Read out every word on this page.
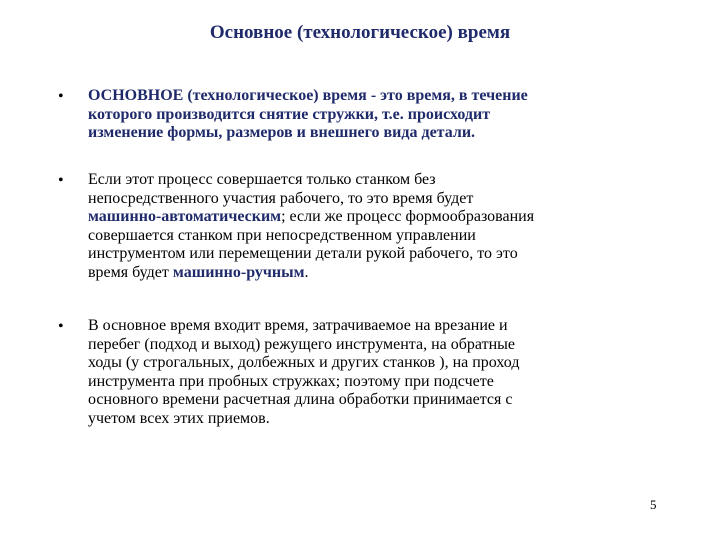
Основное (технологическое) время
• ОСНОВНОЕ (технологическое) время - это время, в течение
которого производится снятие стружки, т.е. происходит
изменение формы, размеров и внешнего вида детали.
• Если этот процесс совершается только станком без
непосредственного участия рабочего, то это время будет
машинно-автоматическим; если же процесс формообразования
совершается станком при непосредственном управлении
инструментом или перемещении детали рукой рабочего, то это
время будет машинно-ручным.
• В основное время входит время, затрачиваемое на врезание и
перебег (подход и выход) режущего инструмента, на обратные
ходы (у строгальных, долбежных и других станков ), на проход
инструмента при пробных стружках; поэтому при подсчете
основного времени расчетная длина обработки принимается с
учетом всех этих приемов.
5
